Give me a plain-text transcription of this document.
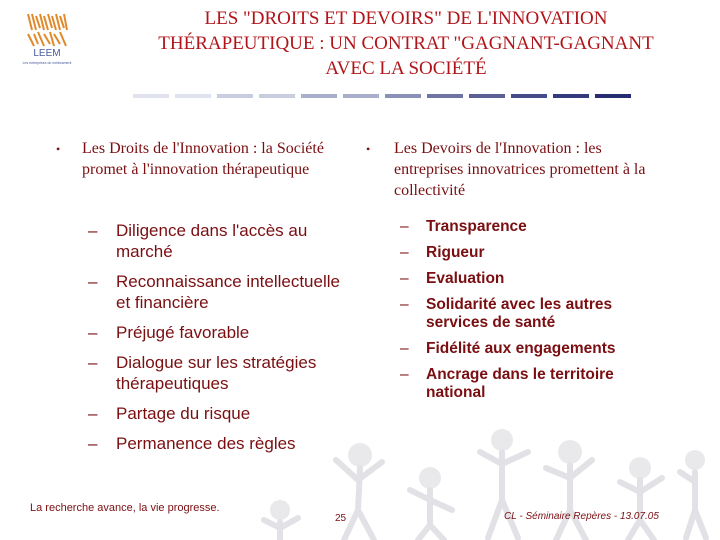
LEEM
Les entreprises du médicament
LES "DROITS ET DEVOIRS" DE L'INNOVATION
THÉRAPEUTIQUE : UN CONTRAT "GAGNANT-GAGNANT
AVEC LA SOCIÉTÉ
• Les Droits de l'Innovation : la Société promet à l'innovation thérapeutique
– Diligence dans l'accès au marché
– Reconnaissance intellectuelle et financière
– Préjugé favorable
– Dialogue sur les stratégies thérapeutiques
– Partage du risque
– Permanence des règles
• Les Devoirs de l'Innovation : les entreprises innovatrices promettent à la collectivité
– Transparence
– Rigueur
– Evaluation
– Solidarité avec les autres services de santé
– Fidélité aux engagements
– Ancrage dans le territoire national
La recherche avance, la vie progresse.
25	CL - Séminaire Repères - 13.07.05
